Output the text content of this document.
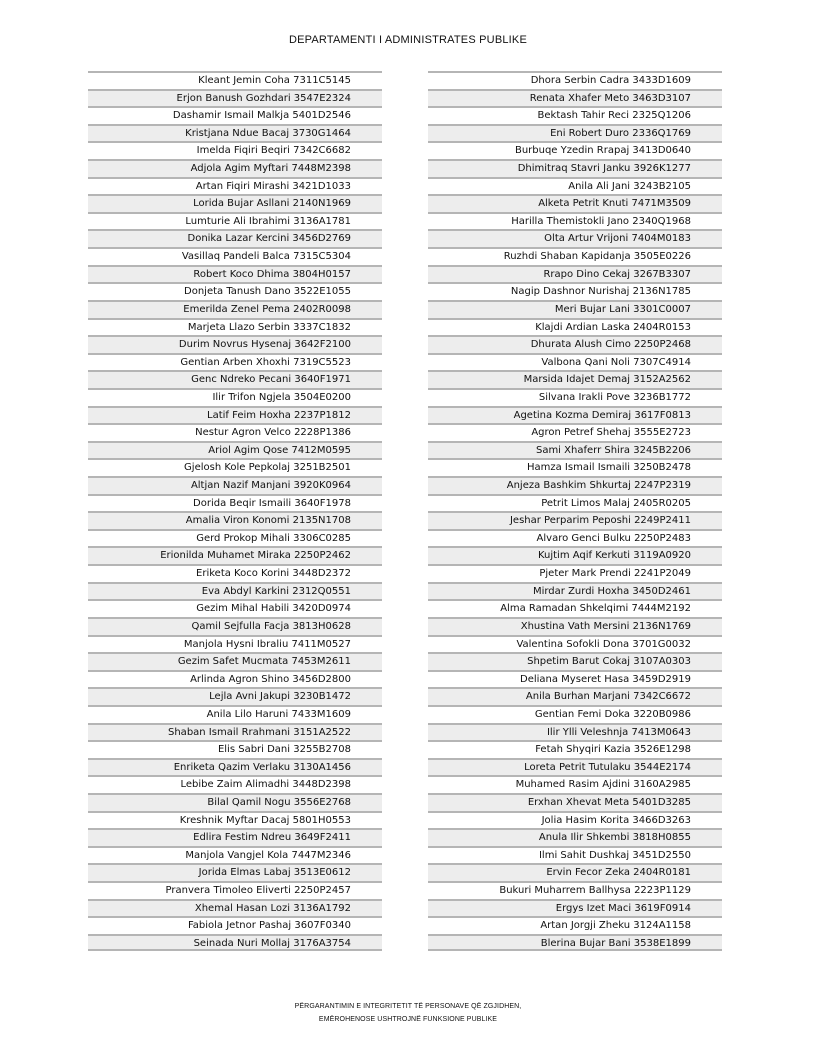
DEPARTAMENTI I ADMINISTRATES PUBLIKE
Kleant Jemin Coha 7311C5145
Erjon Banush Gozhdari 3547E2324
Dashamir Ismail Malkja 5401D2546
Kristjana Ndue Bacaj 3730G1464
Imelda Fiqiri Beqiri 7342C6682
Adjola Agim Myftari 7448M2398
Artan Fiqiri Mirashi 3421D1033
Lorida Bujar Asllani 2140N1969
Lumturie Ali Ibrahimi 3136A1781
Donika Lazar Kercini 3456D2769
Vasillaq Pandeli Balca 7315C5304
Robert Koco Dhima 3804H0157
Donjeta Tanush Dano 3522E1055
Emerilda Zenel Pema 2402R0098
Marjeta Llazo Serbin 3337C1832
Durim Novrus Hysenaj 3642F2100
Gentian Arben Xhoxhi 7319C5523
Genc Ndreko Pecani 3640F1971
Ilir Trifon Ngjela 3504E0200
Latif Feim Hoxha 2237P1812
Nestur Agron Velco 2228P1386
Ariol Agim Qose 7412M0595
Gjelosh Kole Pepkolaj 3251B2501
Altjan Nazif Manjani 3920K0964
Dorida Beqir Ismaili 3640F1978
Amalia Viron Konomi 2135N1708
Gerd Prokop Mihali 3306C0285
Erionilda Muhamet Miraka 2250P2462
Eriketa Koco Korini 3448D2372
Eva Abdyl Karkini 2312Q0551
Gezim Mihal Habili 3420D0974
Qamil Sejfulla Facja 3813H0628
Manjola Hysni Ibraliu 7411M0527
Gezim Safet Mucmata 7453M2611
Arlinda Agron Shino 3456D2800
Lejla Avni Jakupi 3230B1472
Anila Lilo Haruni 7433M1609
Shaban Ismail Rrahmani 3151A2522
Elis Sabri Dani 3255B2708
Enriketa Qazim Verlaku 3130A1456
Lebibe Zaim Alimadhi 3448D2398
Bilal Qamil Nogu 3556E2768
Kreshnik Myftar Dacaj 5801H0553
Edlira Festim Ndreu 3649F2411
Manjola Vangjel Kola 7447M2346
Jorida Elmas Labaj 3513E0612
Pranvera Timoleo Eliverti 2250P2457
Xhemal Hasan Lozi 3136A1792
Fabiola Jetnor Pashaj 3607F0340
Seinada Nuri Mollaj 3176A3754
Dhora Serbin Cadra 3433D1609
Renata Xhafer Meto 3463D3107
Bektash Tahir Reci 2325Q1206
Eni Robert Duro 2336Q1769
Burbuqe Yzedin Rrapaj 3413D0640
Dhimitraq Stavri Janku 3926K1277
Anila Ali Jani 3243B2105
Alketa Petrit Knuti 7471M3509
Harilla Themistokli Jano 2340Q1968
Olta Artur Vrijoni 7404M0183
Ruzhdi Shaban Kapidanja 3505E0226
Rrapo Dino Cekaj 3267B3307
Nagip Dashnor Nurishaj 2136N1785
Meri Bujar Lani 3301C0007
Klajdi Ardian Laska 2404R0153
Dhurata Alush Cimo 2250P2468
Valbona Qani Noli 7307C4914
Marsida Idajet Demaj 3152A2562
Silvana Irakli Pove 3236B1772
Agetina Kozma Demiraj 3617F0813
Agron Petref Shehaj 3555E2723
Sami Xhaferr Shira 3245B2206
Hamza Ismail Ismaili 3250B2478
Anjeza Bashkim Shkurtaj 2247P2319
Petrit Limos Malaj 2405R0205
Jeshar Perparim Peposhi 2249P2411
Alvaro Genci Bulku 2250P2483
Kujtim Aqif Kerkuti 3119A0920
Pjeter Mark Prendi 2241P2049
Mirdar Zurdi Hoxha 3450D2461
Alma Ramadan Shkelqimi 7444M2192
Xhustina Vath Mersini 2136N1769
Valentina Sofokli Dona 3701G0032
Shpetim Barut Cokaj 3107A0303
Deliana Myseret Hasa 3459D2919
Anila Burhan Marjani 7342C6672
Gentian Femi Doka 3220B0986
Ilir Ylli Veleshnja 7413M0643
Fetah Shyqiri Kazia 3526E1298
Loreta Petrit Tutulaku 3544E2174
Muhamed Rasim Ajdini 3160A2985
Erxhan Xhevat Meta 5401D3285
Jolia Hasim Korita 3466D3263
Anula Ilir Shkembi 3818H0855
Ilmi Sahit Dushkaj 3451D2550
Ervin Fecor Zeka 2404R0181
Bukuri Muharrem Ballhysa 2223P1129
Ergys Izet Maci 3619F0914
Artan Jorgji Zheku 3124A1158
Blerina Bujar Bani 3538E1899
PËRGARANTIMIN E INTEGRITETIT TË PERSONAVE QË ZGJIDHEN,
EMËROHENOSE USHTROJNË FUNKSIONE PUBLIKE
